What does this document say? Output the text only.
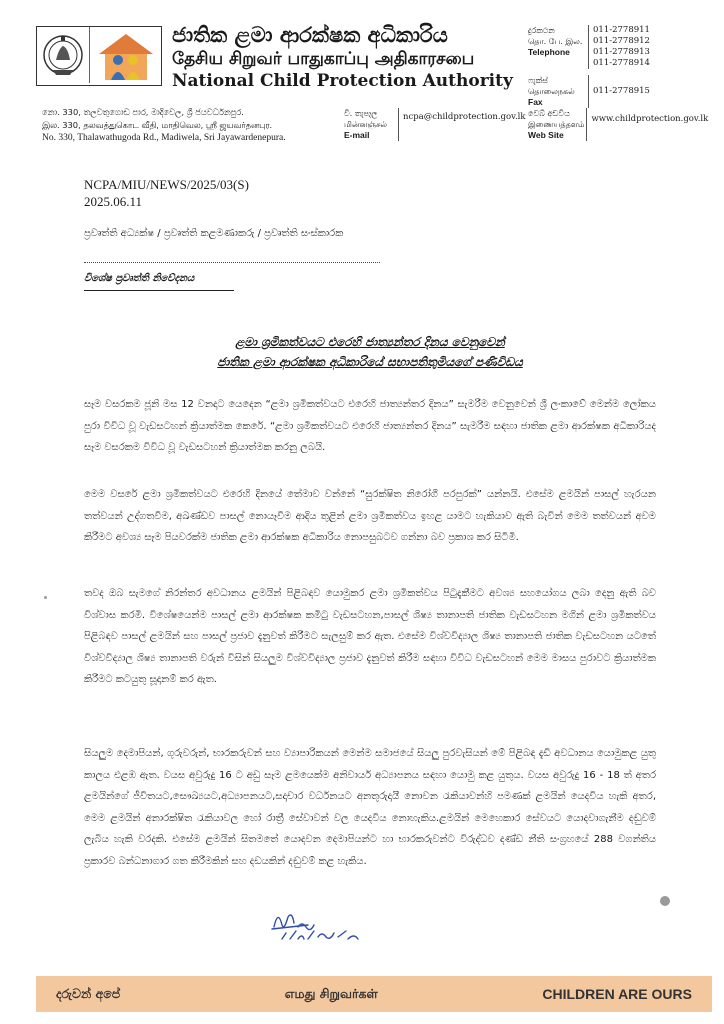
ජාතික ළමා ආරක්ෂක අධිකාරිය
தேசிய சிறுவர் பாதுகாப்பு அதிகாரசபை
National Child Protection Authority
දුරකථන
தொ. பே. இல.
Telephone
011-2778911
011-2778912
011-2778913
011-2778914
ෆැක්ස්
தொலைநகல்
Fax
011-2778915
නො. 330, තලවතුගොඩ පාර, මාදිවෙල, ශ්‍රී ජයවර්ධනපුර.
இல. 330, தலவத்துகொட வீதி, மாதிவெல, ஸ்ரீ ஜயவர்தனபுர.
No. 330, Thalawathugoda Rd., Madiwela, Sri Jayawardenepura.
වි. තැපෑල
மின்னஞ்சல்
E-mail
ncpa@childprotection.gov.lk වෙබ් අඩවිය
இணையத்தளம்
Web Site
www.childprotection.gov.lk
NCPA/MIU/NEWS/2025/03(S)
2025.06.11
ප්‍රවෘත්ති අධ්‍යක්ෂ / ප්‍රවෘත්ති කළමණාකරු / ප්‍රවෘත්ති සංස්කාරක
විශේෂ ප්‍රවෘත්ති නිවේදනය
ළමා ශ්‍රමිකත්වයට එරෙහි ජාත්‍යන්තර දිනය වෙනුවෙන්
ජාතික ළමා ආරක්ෂක අධිකාරියේ සභාපතිතුමියගේ පණිවිඩය
සෑම වසරකම ජූනි මස 12 වනදාට යෙදෙන “ළමා ශ්‍රමිකත්වයට එරෙහි ජාත්‍යන්තර දිනය” සැමරීම වෙනුවෙන් ශ්‍රී ලංකාවේ මෙන්ම ලෝකය පුරා විවිධ වූ වැඩසටහන් ක්‍රියාත්මක කෙරේ. “ළමා ශ්‍රමිකත්වයට එරෙහි ජාත්‍යන්තර දිනය” සැමරීම සඳහා ජාතික ළමා ආරක්ෂක අධිකාරියද සෑම වසරකම විවිධ වූ වැඩසටහන් ක්‍රියාත්මක කරනු ලබයි.
මෙම වසරේ ළමා ශ්‍රමිකත්වයට එරෙහි දිනයේ තේමාව වන්නේ “සුරක්ෂිත නිරෝගී පරපුරක්” යන්නයි. එසේම ළමයින් පාසල් හැරයන තත්වයන් උද්ගතවීම, අඛණ්ඩව පාසල් නොයෑවීම ආදිය තුළින් ළමා ශ්‍රමිකත්වය ඉහළ යාමට හැකියාව ඇති බැවින් මෙම තත්වයන් අවම කිරීමට අවශ්‍ය සෑම පියවරක්ම ජාතික ළමා ආරක්ෂක අධිකාරිය නොපසුබටව ගන්නා බව ප්‍රකාශ කර සිටිමි.
තවද ඔබ සැමගේ නිරන්තර අවධානය ළමයින් පිළිබඳව යොමුකර ළමා ශ්‍රමිකත්වය පිටුදැකීමට අවශ්‍ය සහයෝගය ලබා දෙනු ඇති බව විශ්වාස කරමි. විශේෂයෙන්ම පාසල් ළමා ආරක්ෂක කමිටු වැඩසටහන,පාසල් ශිෂ්‍ය තානාපති ජාතික වැඩසටහන මගින් ළමා ශ්‍රමිකත්වය පිළිබඳව පාසල් ළමයින් සහ පාසල් ප්‍රජාව දැනුවත් කිරීමට සැලසුම් කර ඇත. එසේම විශ්වවිද්‍යාල ශිෂ්‍ය තානාපති ජාතික වැඩසටහන යටතේ විශ්වවිද්‍යාල ශිෂ්‍ය තානාපති වරුන් විසින් සියලුම විශ්වවිද්‍යාල ප්‍රජාව දැනුවත් කිරීම සඳහා විවිධ වැඩසටහන් මෙම මාසය පුරාවට ක්‍රියාත්මක කිරීමට කටයුතු සූදානම් කර ඇත.
සියලුම දෙමාපියන්, ගුරුවරුන්, භාරකරුවන් සහ ව්‍යාපාරිකයන් මෙන්ම සමාජයේ සියලු පුරවැසියන් මේ පිළිබඳ දැඩි අවධානය යොමුකළ යුතු කාලය එළඹ ඇත. වයස අවුරුදු 16 ට අඩු සෑම ළමයෙක්ම අනිවාර්ය අධ්‍යාපනය සඳහා යොමු කළ යුතුය. වයස අවුරුදු 16 - 18 ත් අතර ළමයින්ගේ ජීවිතයට,සෞඛ්‍යයට,අධ්‍යාපනයට,සදාචාර වර්ධනයට අනතුරුදායී නොවන රැකියාවන්හි පමණක් ළමයින් යෙදවිය හැකි අතර, මෙම ළමයින් අනාරක්ෂිත රැකියාවල හෝ රාත්‍රී සේවාවන් වල යෙදවිය නොහැකිය.ළමයින් මෙහෙකාර සේවයට යොදවාගැනීම දඬුවම් ලැබිය හැකි වරදකි. එසේම ළමයින් සිතමතේ යොදවන දෙමාපියන්ට හා භාරකරුවන්ට විරුද්ධව දණ්ඩ නීති සංග්‍රහයේ 288 වගන්තිය ප්‍රකාරව බන්ධනාගාර ගත කිරීමකින් සහ දඩයකින් දඬුවම් කළ හැකිය.
දරුවන් අපේ	எமது சிறுவர்கள்	CHILDREN ARE OURS
